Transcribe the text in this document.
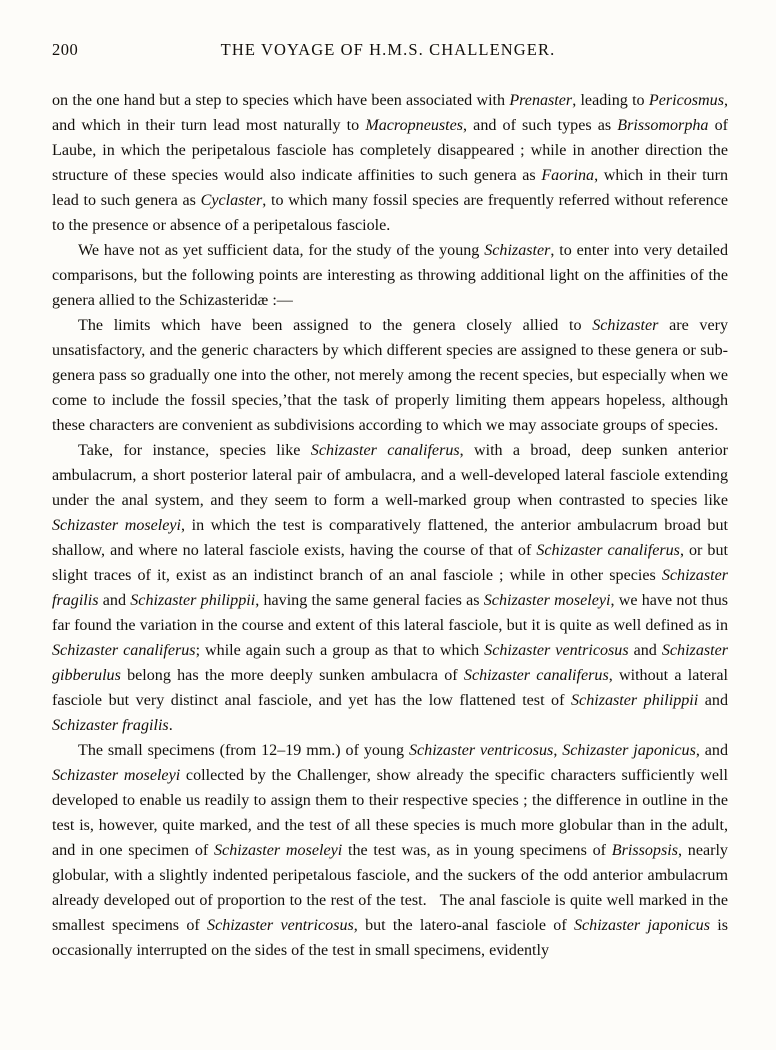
200	THE VOYAGE OF H.M.S. CHALLENGER.

on the one hand but a step to species which have been associated with Prenaster, leading to Pericosmus, and which in their turn lead most naturally to Macropneustes, and of such types as Brissomorpha of Laube, in which the peripetalous fasciole has completely disappeared ; while in another direction the structure of these species would also indicate affinities to such genera as Faorina, which in their turn lead to such genera as Cyclaster, to which many fossil species are frequently referred without reference to the presence or absence of a peripetalous fasciole.

We have not as yet sufficient data, for the study of the young Schizaster, to enter into very detailed comparisons, but the following points are interesting as throwing additional light on the affinities of the genera allied to the Schizasteridæ :—

The limits which have been assigned to the genera closely allied to Schizaster are very unsatisfactory, and the generic characters by which different species are assigned to these genera or sub-genera pass so gradually one into the other, not merely among the recent species, but especially when we come to include the fossil species,’that the task of properly limiting them appears hopeless, although these characters are convenient as subdivisions according to which we may associate groups of species.

Take, for instance, species like Schizaster canaliferus, with a broad, deep sunken anterior ambulacrum, a short posterior lateral pair of ambulacra, and a well-developed lateral fasciole extending under the anal system, and they seem to form a well-marked group when contrasted to species like Schizaster moseleyi, in which the test is comparatively flattened, the anterior ambulacrum broad but shallow, and where no lateral fasciole exists, having the course of that of Schizaster canaliferus, or but slight traces of it, exist as an indistinct branch of an anal fasciole ; while in other species Schizaster fragilis and Schizaster philippii, having the same general facies as Schizaster moseleyi, we have not thus far found the variation in the course and extent of this lateral fasciole, but it is quite as well defined as in Schizaster canaliferus; while again such a group as that to which Schizaster ventricosus and Schizaster gibberulus belong has the more deeply sunken ambulacra of Schizaster canaliferus, without a lateral fasciole but very distinct anal fasciole, and yet has the low flattened test of Schizaster philippii and Schizaster fragilis.

The small specimens (from 12–19 mm.) of young Schizaster ventricosus, Schizaster japonicus, and Schizaster moseleyi collected by the Challenger, show already the specific characters sufficiently well developed to enable us readily to assign them to their respective species ; the difference in outline in the test is, however, quite marked, and the test of all these species is much more globular than in the adult, and in one specimen of Schizaster moseleyi the test was, as in young specimens of Brissopsis, nearly globular, with a slightly indented peripetalous fasciole, and the suckers of the odd anterior ambulacrum already developed out of proportion to the rest of the test.   The anal fasciole is quite well marked in the smallest specimens of Schizaster ventricosus, but the latero-anal fasciole of Schizaster japonicus is occasionally interrupted on the sides of the test in small specimens, evidently
